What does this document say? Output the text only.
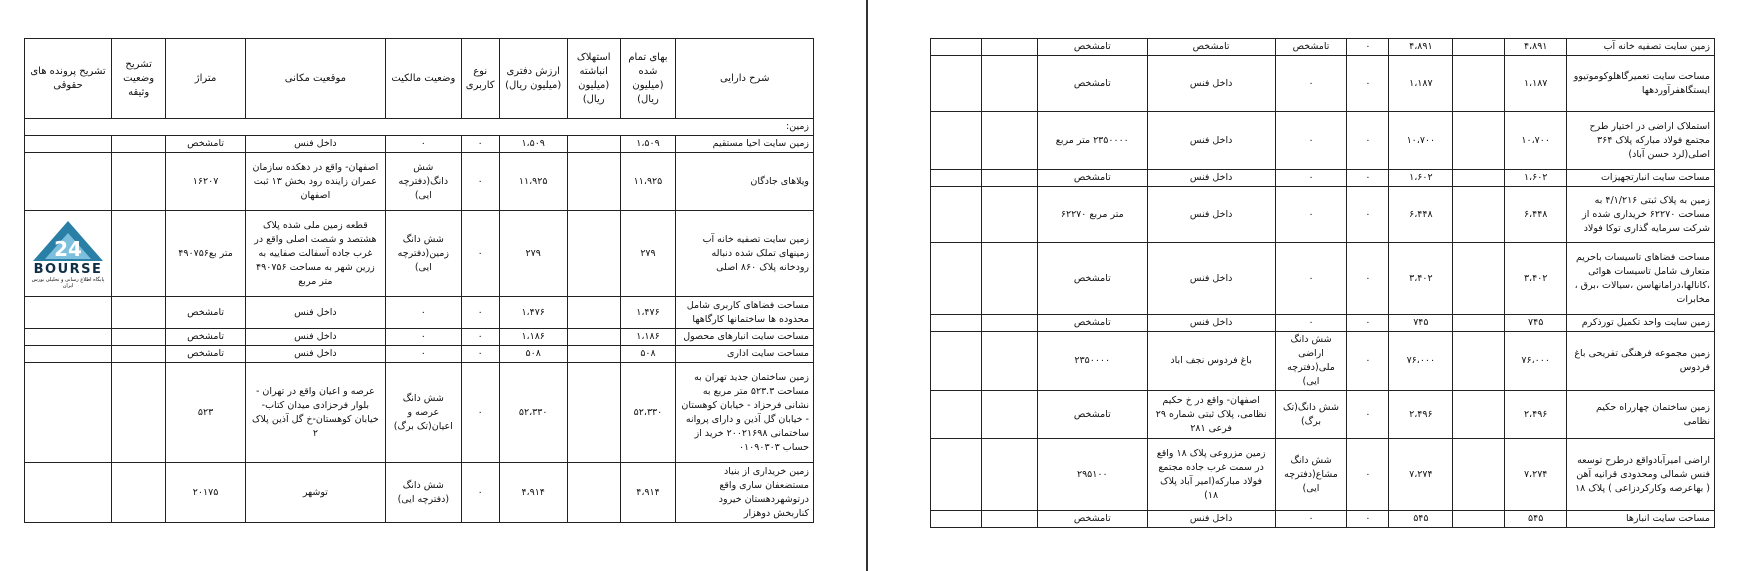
شرح دارایی	بهای تمام شده (میلیون ریال)	استهلاک انباشته (میلیون ریال)	ارزش دفتری (میلیون ریال)	نوع کاربری	وضعیت مالکیت	موقعیت مکانی	متراژ	تشریح وضعیت وثیقه	تشریح پرونده های حقوقی
زمین:									
زمین سایت احیا مستقیم	۱،۵۰۹		۱،۵۰۹	۰	۰	داخل فنس	تامشخص		
ویلاهای جادگان	۱۱،۹۲۵		۱۱،۹۲۵	۰	شش دانگ(دفترچه ایی)	اصفهان- واقع در دهکده سازمان عمران زاینده رود بخش ۱۳ ثبت اصفهان	۱۶۲۰۷		
زمین سایت تصفیه خانه آب زمینهای تملک شده دنباله رودخانه پلاک ۸۶۰ اصلی	۲۷۹		۲۷۹	۰	شش دانگ زمین(دفترچه ایی)	قطعه زمین ملی شده پلاک هشتصد و شصت اصلی واقع در غرب جاده آسفالت صفاییه به زرین شهر به مساحت ۴۹۰۷۵۶ متر مربع	متر بع۴۹۰۷۵۶		24
BOURSE
پایگاه اطلاع رسانی و تحلیلی بورس ایران

مساحت فضاهای کاربری شامل محدوده ها ساختمانها کارگاهها	۱،۴۷۶		۱،۴۷۶	۰	۰	داخل فنس	تامشخص		
مساحت سایت انبارهای محصول	۱،۱۸۶		۱،۱۸۶	۰	۰	داخل فنس	تامشخص		
مساحت سایت اداری	۵۰۸		۵۰۸	۰	۰	داخل فنس	تامشخص		
زمین ساختمان جدید تهران به مساحت ۵۲۳.۳ متر مربع به نشانی فرحزاد - خیابان کوهستان - خیابان گل آذین و دارای پروانه ساختمانی ۲۰۰۲۱۶۹۸ خرید از حساب ۰۱۰۹۰۳۰۳	۵۲،۳۳۰		۵۲،۳۳۰	۰	شش دانگ عرصه و اعیان(تک برگ)	عرصه و اعیان واقع در تهران - بلوار فرحزادی میدان کتاب- خیابان کوهستان-خ گل آذین پلاک ۲	۵۲۳		
زمین خریداری از بنیاد مستضعفان ساری واقع درتوشهردهستان خیرود کناربخش دوهزار	۴،۹۱۴		۴،۹۱۴	۰	شش دانگ (دفترچه ایی)	توشهر	۲۰۱۷۵		
زمین سایت تصفیه خانه آب	۴،۸۹۱		۴،۸۹۱	۰	تامشخص	تامشخص	تامشخص		
مساحت سایت تعمیرگاهلوکوموتیوو ایستگاهفرآوردهها	۱،۱۸۷		۱،۱۸۷	۰	۰	داخل فنس	تامشخص		
استملاک اراضی در اختیار طرح مجتمع فولاد مبارکه پلاک ۳۶۴ اصلی(لرد حسن آباد)	۱۰،۷۰۰		۱۰،۷۰۰	۰	۰	داخل فنس	۲۳۵۰۰۰۰ متر مربع		
مساحت سایت انبارتجهیزات	۱،۶۰۲		۱،۶۰۲	۰	۰	داخل فنس	تامشخص		
زمین به پلاک ثبتی ۴/۱/۲۱۶ به مساحت ۶۲۲۷۰ خریداری شده از شرکت سرمایه گذاری توکا فولاد	۶،۴۴۸		۶،۴۴۸	۰	۰	داخل فنس	متر مربع ۶۲۲۷۰		
مساحت فضاهای تاسیسات باحریم متعارف شامل تاسیسات هوائی ،کانالها،درامانهاسن ،سیالات ،برق ، مخابرات	۳،۴۰۲		۳،۴۰۲	۰	۰	داخل فنس	تامشخص		
زمین سایت واحد تکمیل تورذکرم	۷۴۵		۷۴۵	۰	۰	داخل فنس	تامشخص		
زمین مجموعه فرهنگی تفریحی باغ فردوس	۷۶،۰۰۰		۷۶،۰۰۰	۰	شش دانگ اراضی ملی(دفترچه ایی)	باغ فردوس نجف اباد	۲۳۵۰۰۰۰		
زمین ساختمان چهارراه حکیم نظامی	۲،۴۹۶		۲،۴۹۶	۰	شش دانگ(تک برگ)	اصفهان- واقع در خ حکیم نظامی، پلاک ثبتی شماره ۲۹ فرعی ۲۸۱	تامشخص		
اراضی امیرآبادواقع درطرح توسعه فنس شمالی ومحدودی قرانیه آهن ( بهاعرصه وکارکردزاعی ) پلاک ۱۸	۷،۲۷۴		۷،۲۷۴	۰	شش دانگ مشاع(دفترچه ایی)	زمین مزروعی پلاک ۱۸ واقع در سمت غرب جاده مجتمع فولاد مبارکه(امیر آباد پلاک ۱۸)	۲۹۵۱۰۰		
مساحت سایت انبارها	۵۴۵		۵۴۵	۰	۰	داخل فنس	تامشخص		
